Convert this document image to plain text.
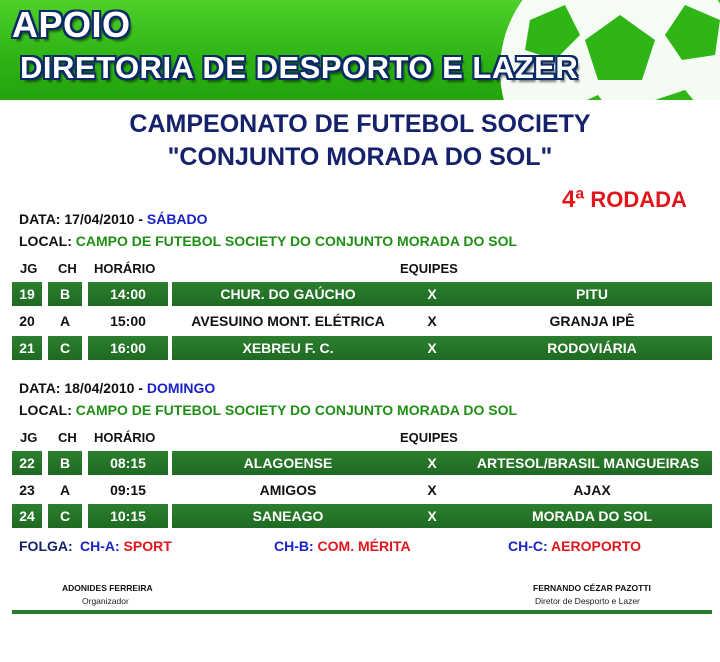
APOIO
DIRETORIA DE DESPORTO E LAZER
CAMPEONATO DE FUTEBOL SOCIETY
"CONJUNTO MORADA DO SOL"
4ª RODADA
DATA: 17/04/2010 - SÁBADO
LOCAL: CAMPO DE FUTEBOL SOCIETY DO CONJUNTO MORADA DO SOL
JG CH HORÁRIO	EQUIPES
19	B	14:00	CHUR. DO GAÚCHO	X	PITU
20	A	15:00	AVESUINO MONT. ELÉTRICA	X	GRANJA IPÊ
21	C	16:00	XEBREU F. C.	X	RODOVIÁRIA
DATA: 18/04/2010 - DOMINGO
LOCAL: CAMPO DE FUTEBOL SOCIETY DO CONJUNTO MORADA DO SOL
JG CH HORÁRIO	EQUIPES
22	B	08:15	ALAGOENSE	X	ARTESOL/BRASIL MANGUEIRAS
23	A	09:15	AMIGOS	X	AJAX
24	C	10:15	SANEAGO	X	MORADA DO SOL
FOLGA: CH-A: SPORT	CH-B: COM. MÉRITA	CH-C: AEROPORTO
ADONIDES FERREIRA
Organizador
FERNANDO CÉZAR PAZOTTI
Diretor de Desporto e Lazer
